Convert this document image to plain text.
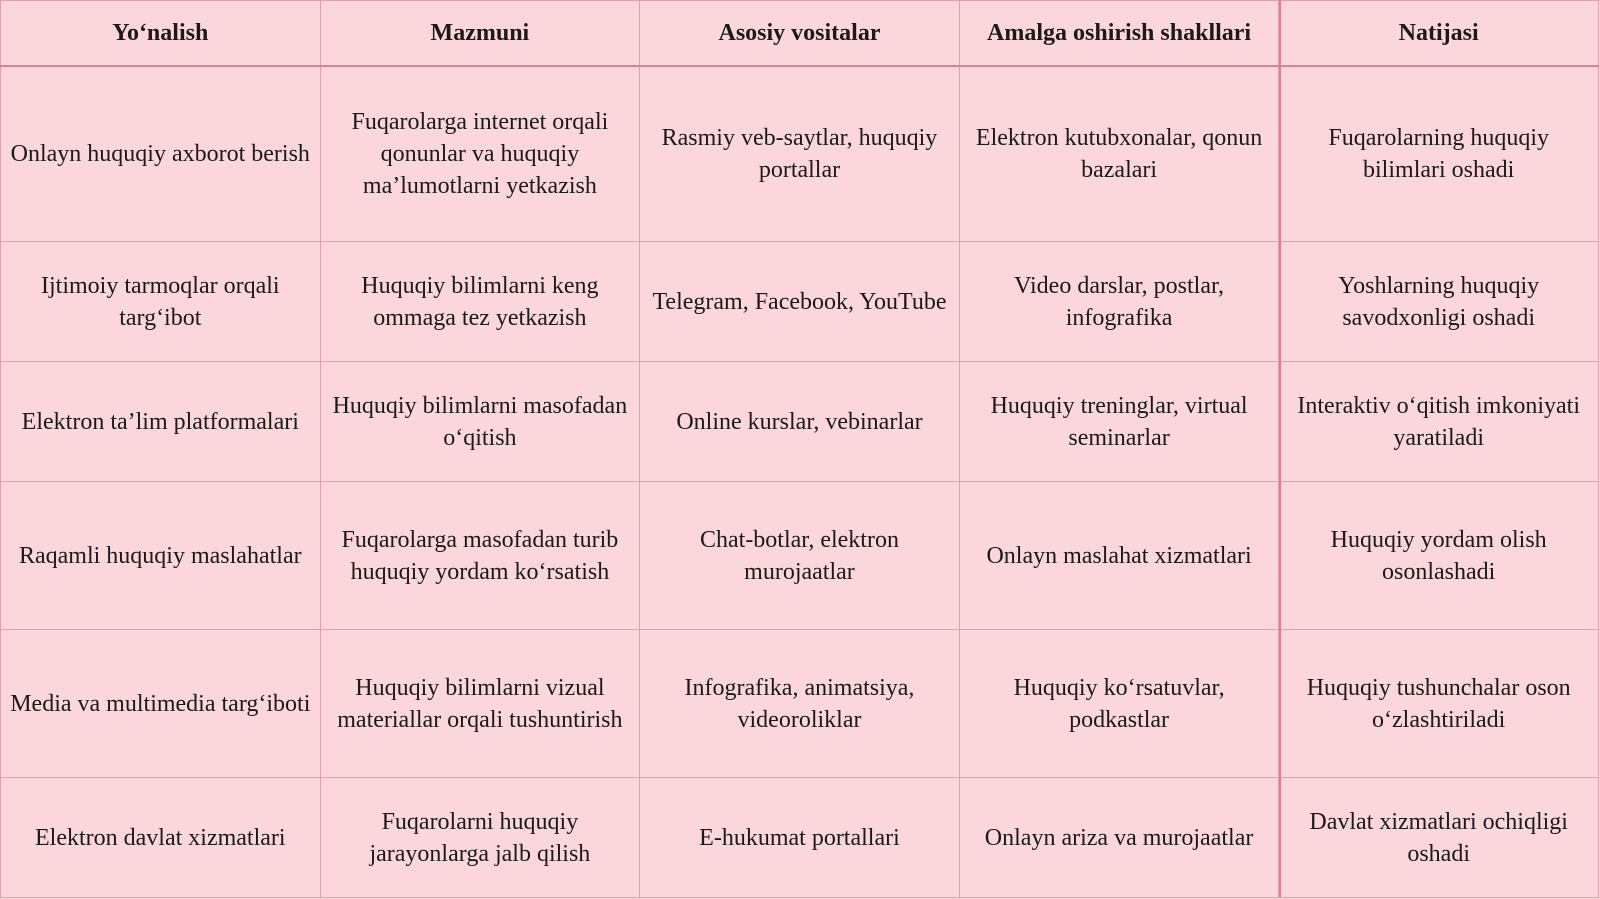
Yo‘nalish	Mazmuni	Asosiy vositalar	Amalga oshirish shakllari	Natijasi
Onlayn huquqiy axborot berish	Fuqarolarga internet orqali qonunlar va huquqiy ma’lumotlarni yetkazish	Rasmiy veb-saytlar, huquqiy portallar	Elektron kutubxonalar, qonun bazalari	Fuqarolarning huquqiy bilimlari oshadi
Ijtimoiy tarmoqlar orqali targ‘ibot	Huquqiy bilimlarni keng ommaga tez yetkazish	Telegram, Facebook, YouTube	Video darslar, postlar, infografika	Yoshlarning huquqiy savodxonligi oshadi
Elektron ta’lim platformalari	Huquqiy bilimlarni masofadan o‘qitish	Online kurslar, vebinarlar	Huquqiy treninglar, virtual seminarlar	Interaktiv o‘qitish imkoniyati yaratiladi
Raqamli huquqiy maslahatlar	Fuqarolarga masofadan turib huquqiy yordam ko‘rsatish	Chat-botlar, elektron murojaatlar	Onlayn maslahat xizmatlari	Huquqiy yordam olish osonlashadi
Media va multimedia targ‘iboti	Huquqiy bilimlarni vizual materiallar orqali tushuntirish	Infografika, animatsiya, videoroliklar	Huquqiy ko‘rsatuvlar, podkastlar	Huquqiy tushunchalar oson o‘zlashtiriladi
Elektron davlat xizmatlari	Fuqarolarni huquqiy jarayonlarga jalb qilish	E-hukumat portallari	Onlayn ariza va murojaatlar	Davlat xizmatlari ochiqligi oshadi
